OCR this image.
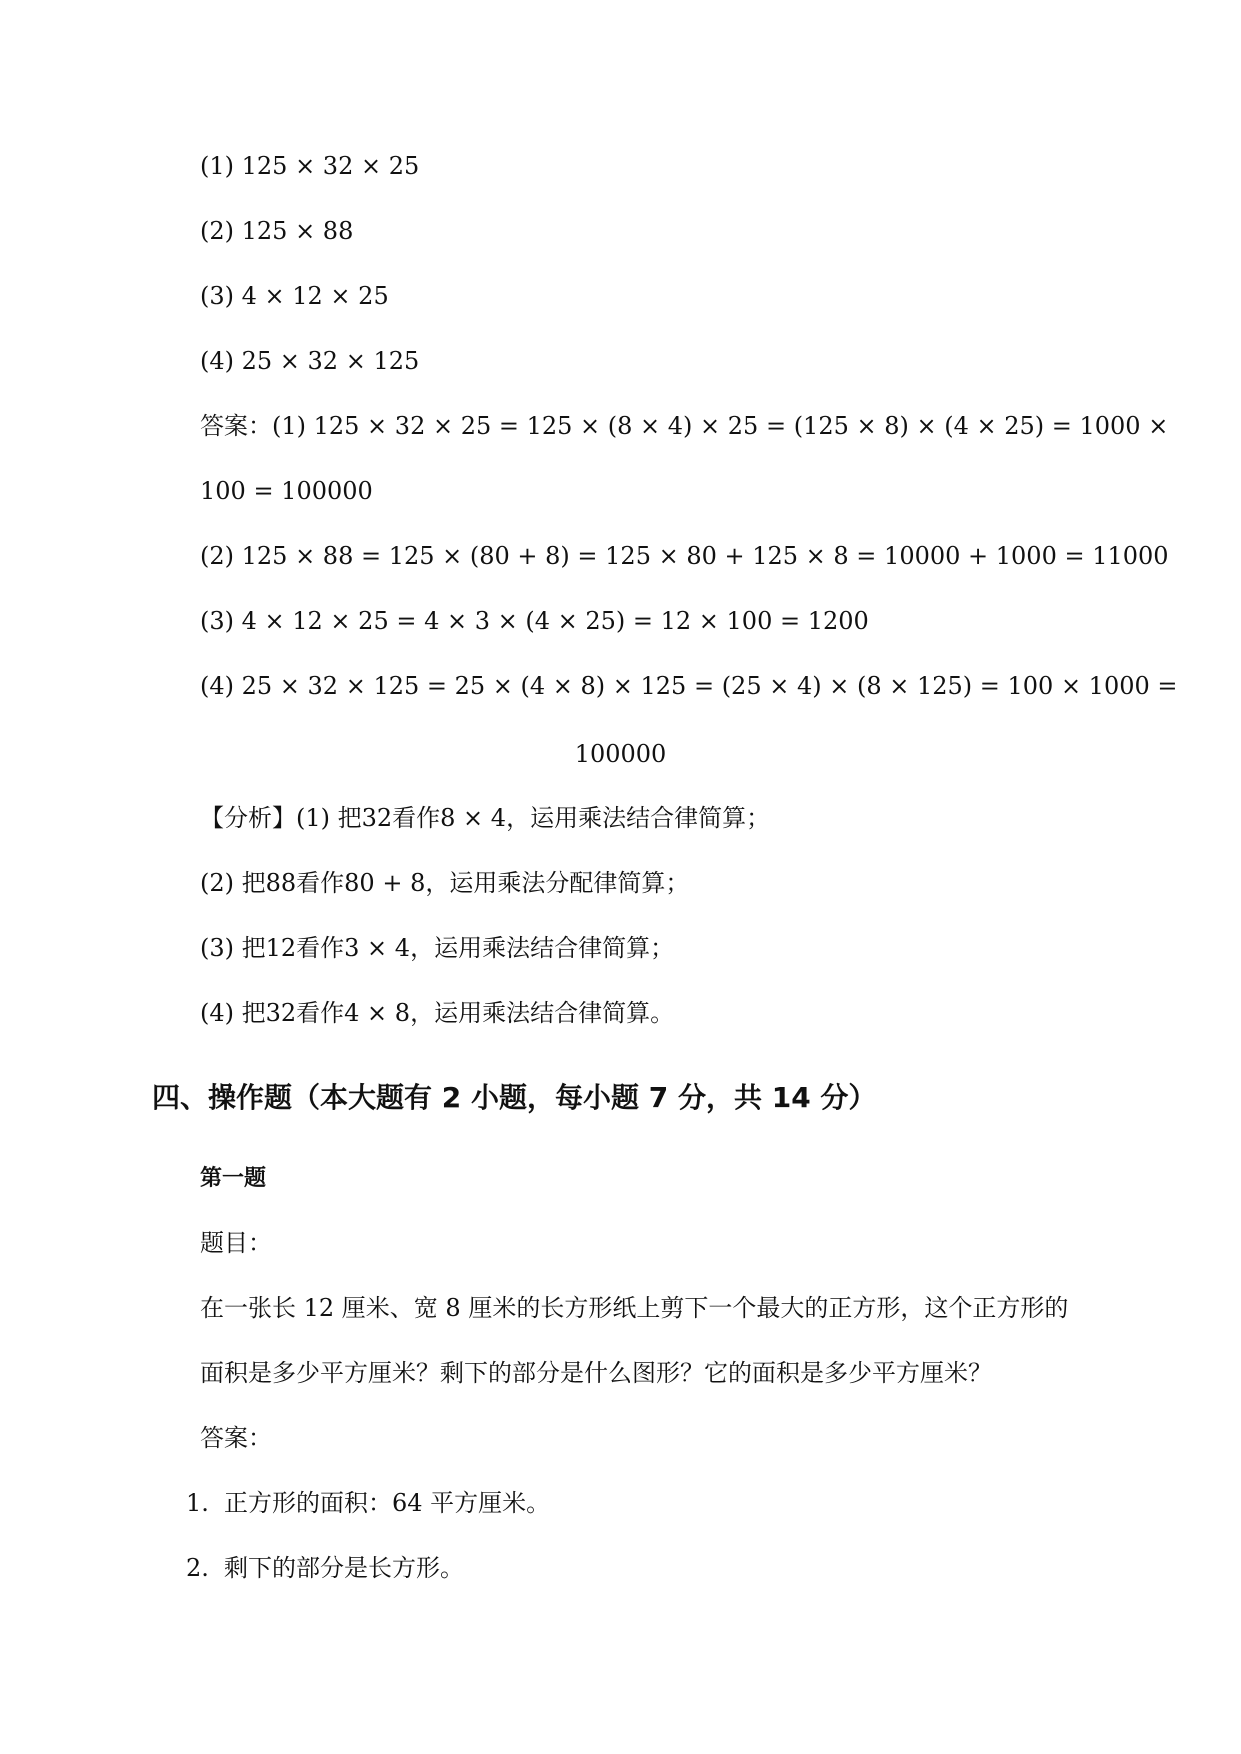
(1) 125 × 32 × 25
(2) 125 × 88
(3) 4 × 12 × 25
(4) 25 × 32 × 125
答案：(1) 125 × 32 × 25 = 125 × (8 × 4) × 25 = (125 × 8) × (4 × 25) = 1000 ×
100 = 100000
(2) 125 × 88 = 125 × (80 + 8) = 125 × 80 + 125 × 8 = 10000 + 1000 = 11000
(3) 4 × 12 × 25 = 4 × 3 × (4 × 25) = 12 × 100 = 1200
(4) 25 × 32 × 125 = 25 × (4 × 8) × 125 = (25 × 4) × (8 × 125) = 100 × 1000 =
100000
【分析】(1) 把32看作8 × 4，运用乘法结合律简算；
(2) 把88看作80 + 8，运用乘法分配律简算；
(3) 把12看作3 × 4，运用乘法结合律简算；
(4) 把32看作4 × 8，运用乘法结合律简算。
四、操作题（本大题有 2 小题，每小题 7 分，共 14 分）
第一题
题目：
在一张长 12 厘米、宽 8 厘米的长方形纸上剪下一个最大的正方形，这个正方形的
面积是多少平方厘米？剩下的部分是什么图形？它的面积是多少平方厘米？
答案：
1. 正方形的面积：64 平方厘米。
2. 剩下的部分是长方形。
